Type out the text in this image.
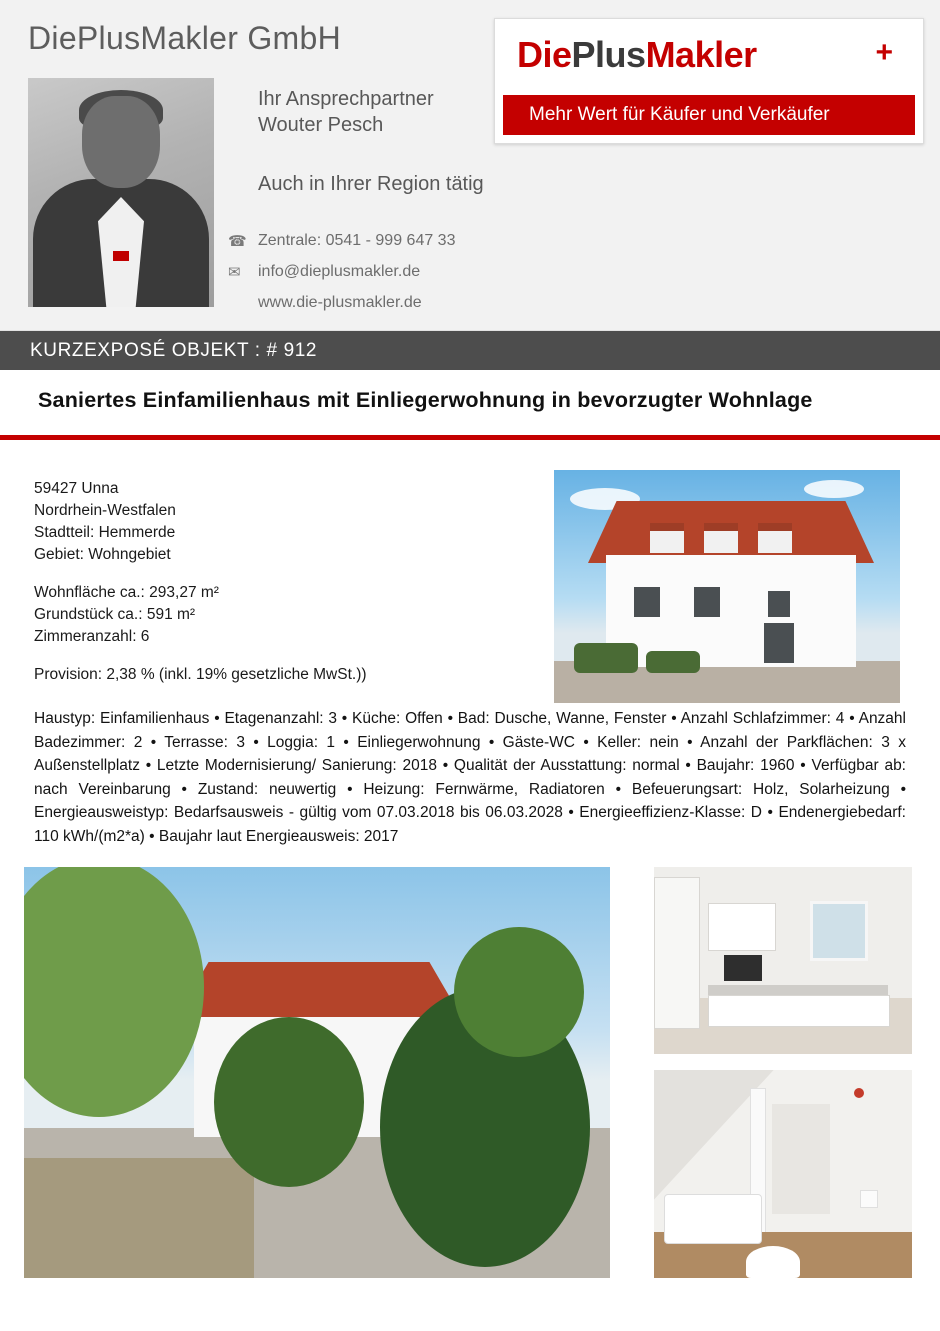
DiePlusMakler GmbH
Ihr Ansprechpartner
Wouter Pesch
Auch in Ihrer Region tätig
☎ Zentrale: 0541 - 999 647 33
✉	info@dieplusmakler.de
www.die-plusmakler.de
DiePlusMakler	+
Mehr Wert für Käufer und Verkäufer
KURZEXPOSÉ OBJEKT : # 912
Saniertes Einfamilienhaus mit Einliegerwohnung in bevorzugter Wohnlage
59427 Unna
Nordrhein-Westfalen
Stadtteil: Hemmerde
Gebiet: Wohngebiet
Wohnfläche ca.: 293,27 m²
Grundstück ca.: 591 m²
Zimmeranzahl: 6
Provision: 2,38 % (inkl. 19% gesetzliche MwSt.))
Haustyp: Einfamilienhaus • Etagenanzahl: 3 • Küche: Offen • Bad: Dusche, Wanne, Fenster • Anzahl Schlafzimmer: 4 • Anzahl Badezimmer: 2 • Terrasse: 3 • Loggia: 1 • Einliegerwohnung • Gäste-WC • Keller: nein • Anzahl der Parkflächen: 3 x Außenstellplatz • Letzte Modernisierung/ Sanierung: 2018 • Qualität der Ausstattung: normal • Baujahr: 1960 • Verfügbar ab: nach Vereinbarung • Zustand: neuwertig • Heizung: Fernwärme, Radiatoren • Befeuerungsart: Holz, Solarheizung • Energieausweistyp: Bedarfsausweis - gültig vom 07.03.2018 bis 06.03.2028 • Energieeffizienz-Klasse: D • Endenergiebedarf: 110 kWh/(m2*a) • Baujahr laut Energieausweis: 2017
